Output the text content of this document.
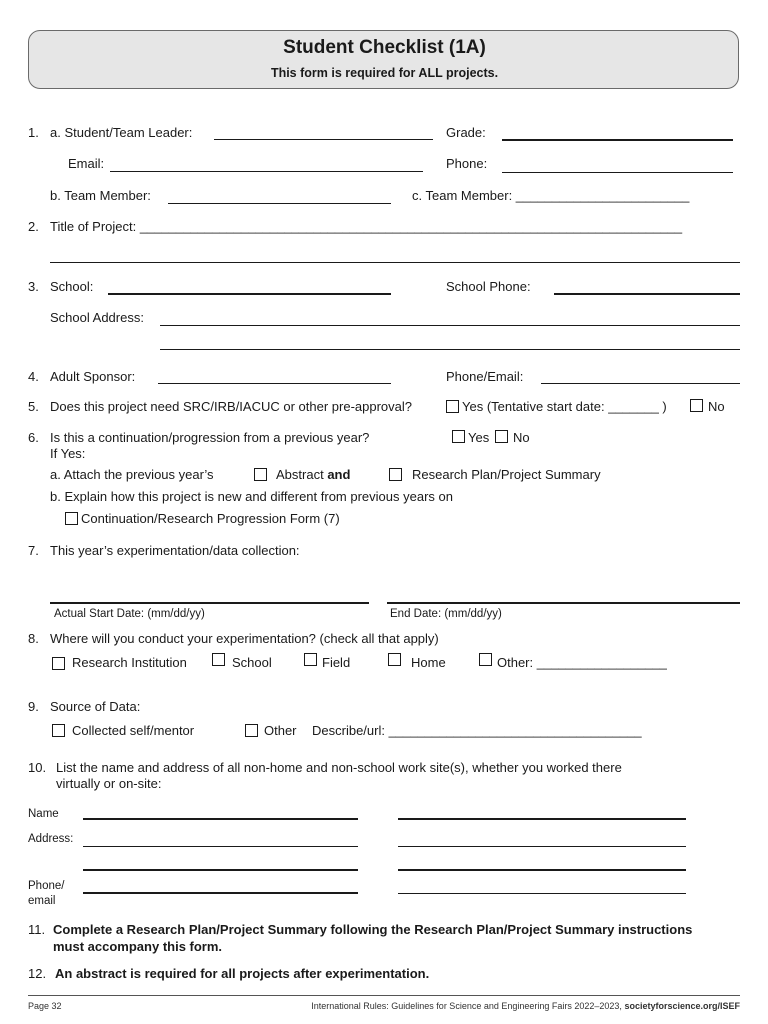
Student Checklist (1A)
This form is required for ALL projects.
1. a. Student/Team Leader:	Grade:
Email:	Phone:
b. Team Member:	c. Team Member: ________________________
2. Title of Project: ___________________________________________________________________________
3. School:	School Phone:
School Address:
4. Adult Sponsor:	Phone/Email:
5. Does this project need SRC/IRB/IACUC or other pre-approval?	Yes (Tentative start date: _______ )	No
6. Is this a continuation/progression from a previous year?	Yes No
If Yes:
a. Attach the previous year’s	Abstract and	Research Plan/Project Summary
b. Explain how this project is new and different from previous years on
Continuation/Research Progression Form (7)
7. This year’s experimentation/data collection:
Actual Start Date: (mm/dd/yy)	End Date: (mm/dd/yy)
8. Where will you conduct your experimentation? (check all that apply)
Research Institution	School	Field	Home	Other: __________________
9. Source of Data:
Collected self/mentor	Other Describe/url: ___________________________________
10. List the name and address of all non-home and non-school work site(s), whether you worked there
virtually or on-site:
Name
Address:
Phone/
email
11. Complete a Research Plan/Project Summary following the Research Plan/Project Summary instructions
must accompany this form.
12. An abstract is required for all projects after experimentation.
Page 32	International Rules: Guidelines for Science and Engineering Fairs 2022–2023, societyforscience.org/ISEF
